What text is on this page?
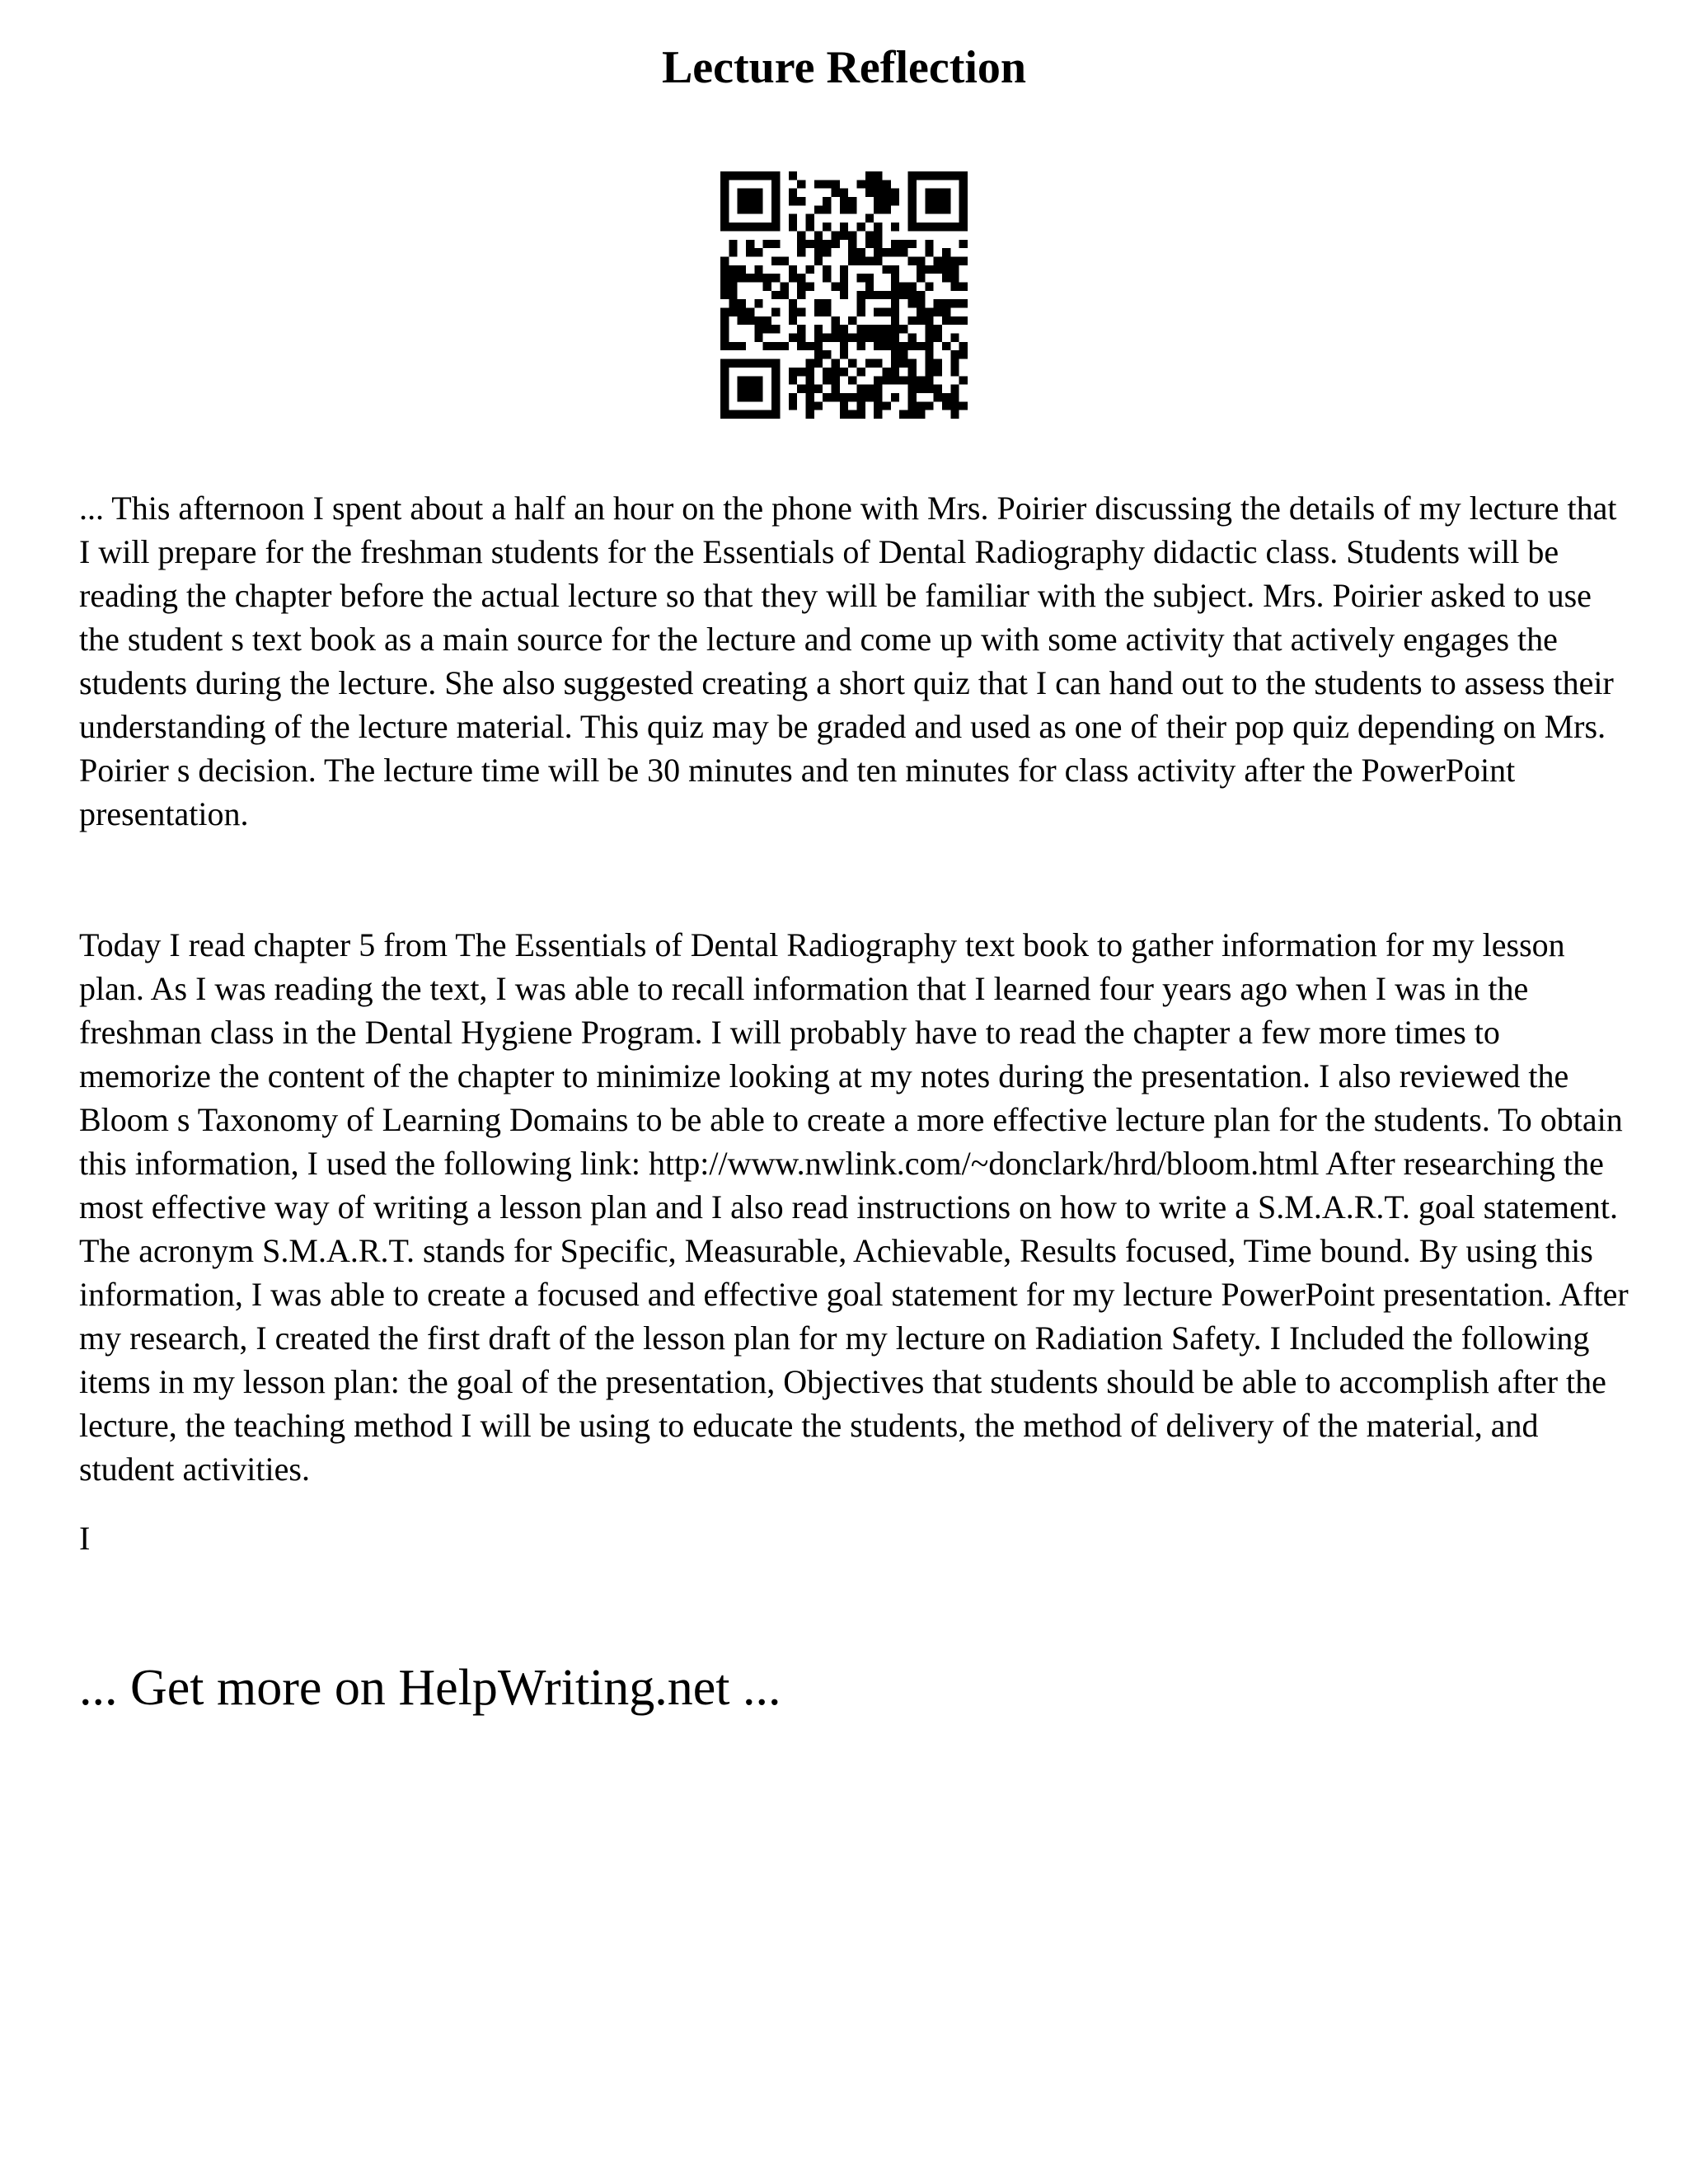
Lecture Reflection

... This afternoon I spent about a half an hour on the phone with Mrs. Poirier discussing the details of my lecture that I will prepare for the freshman students for the Essentials of Dental Radiography didactic class. Students will be reading the chapter before the actual lecture so that they will be familiar with the subject. Mrs. Poirier asked to use the student s text book as a main source for the lecture and come up with some activity that actively engages the students during the lecture. She also suggested creating a short quiz that I can hand out to the students to assess their understanding of the lecture material. This quiz may be graded and used as one of their pop quiz depending on Mrs. Poirier s decision. The lecture time will be 30 minutes and ten minutes for class activity after the PowerPoint presentation.

Today I read chapter 5 from The Essentials of Dental Radiography text book to gather information for my lesson plan. As I was reading the text, I was able to recall information that I learned four years ago when I was in the freshman class in the Dental Hygiene Program. I will probably have to read the chapter a few more times to memorize the content of the chapter to minimize looking at my notes during the presentation. I also reviewed the Bloom s Taxonomy of Learning Domains to be able to create a more effective lecture plan for the students. To obtain this information, I used the following link: http://www.nwlink.com/~donclark/hrd/bloom.html After researching the most effective way of writing a lesson plan and I also read instructions on how to write a S.M.A.R.T. goal statement. The acronym S.M.A.R.T. stands for Specific, Measurable, Achievable, Results focused, Time bound. By using this information, I was able to create a focused and effective goal statement for my lecture PowerPoint presentation. After my research, I created the first draft of the lesson plan for my lecture on Radiation Safety. I Included the following items in my lesson plan: the goal of the presentation, Objectives that students should be able to accomplish after the lecture, the teaching method I will be using to educate the students, the method of delivery of the material, and student activities.

I

... Get more on HelpWriting.net ...
